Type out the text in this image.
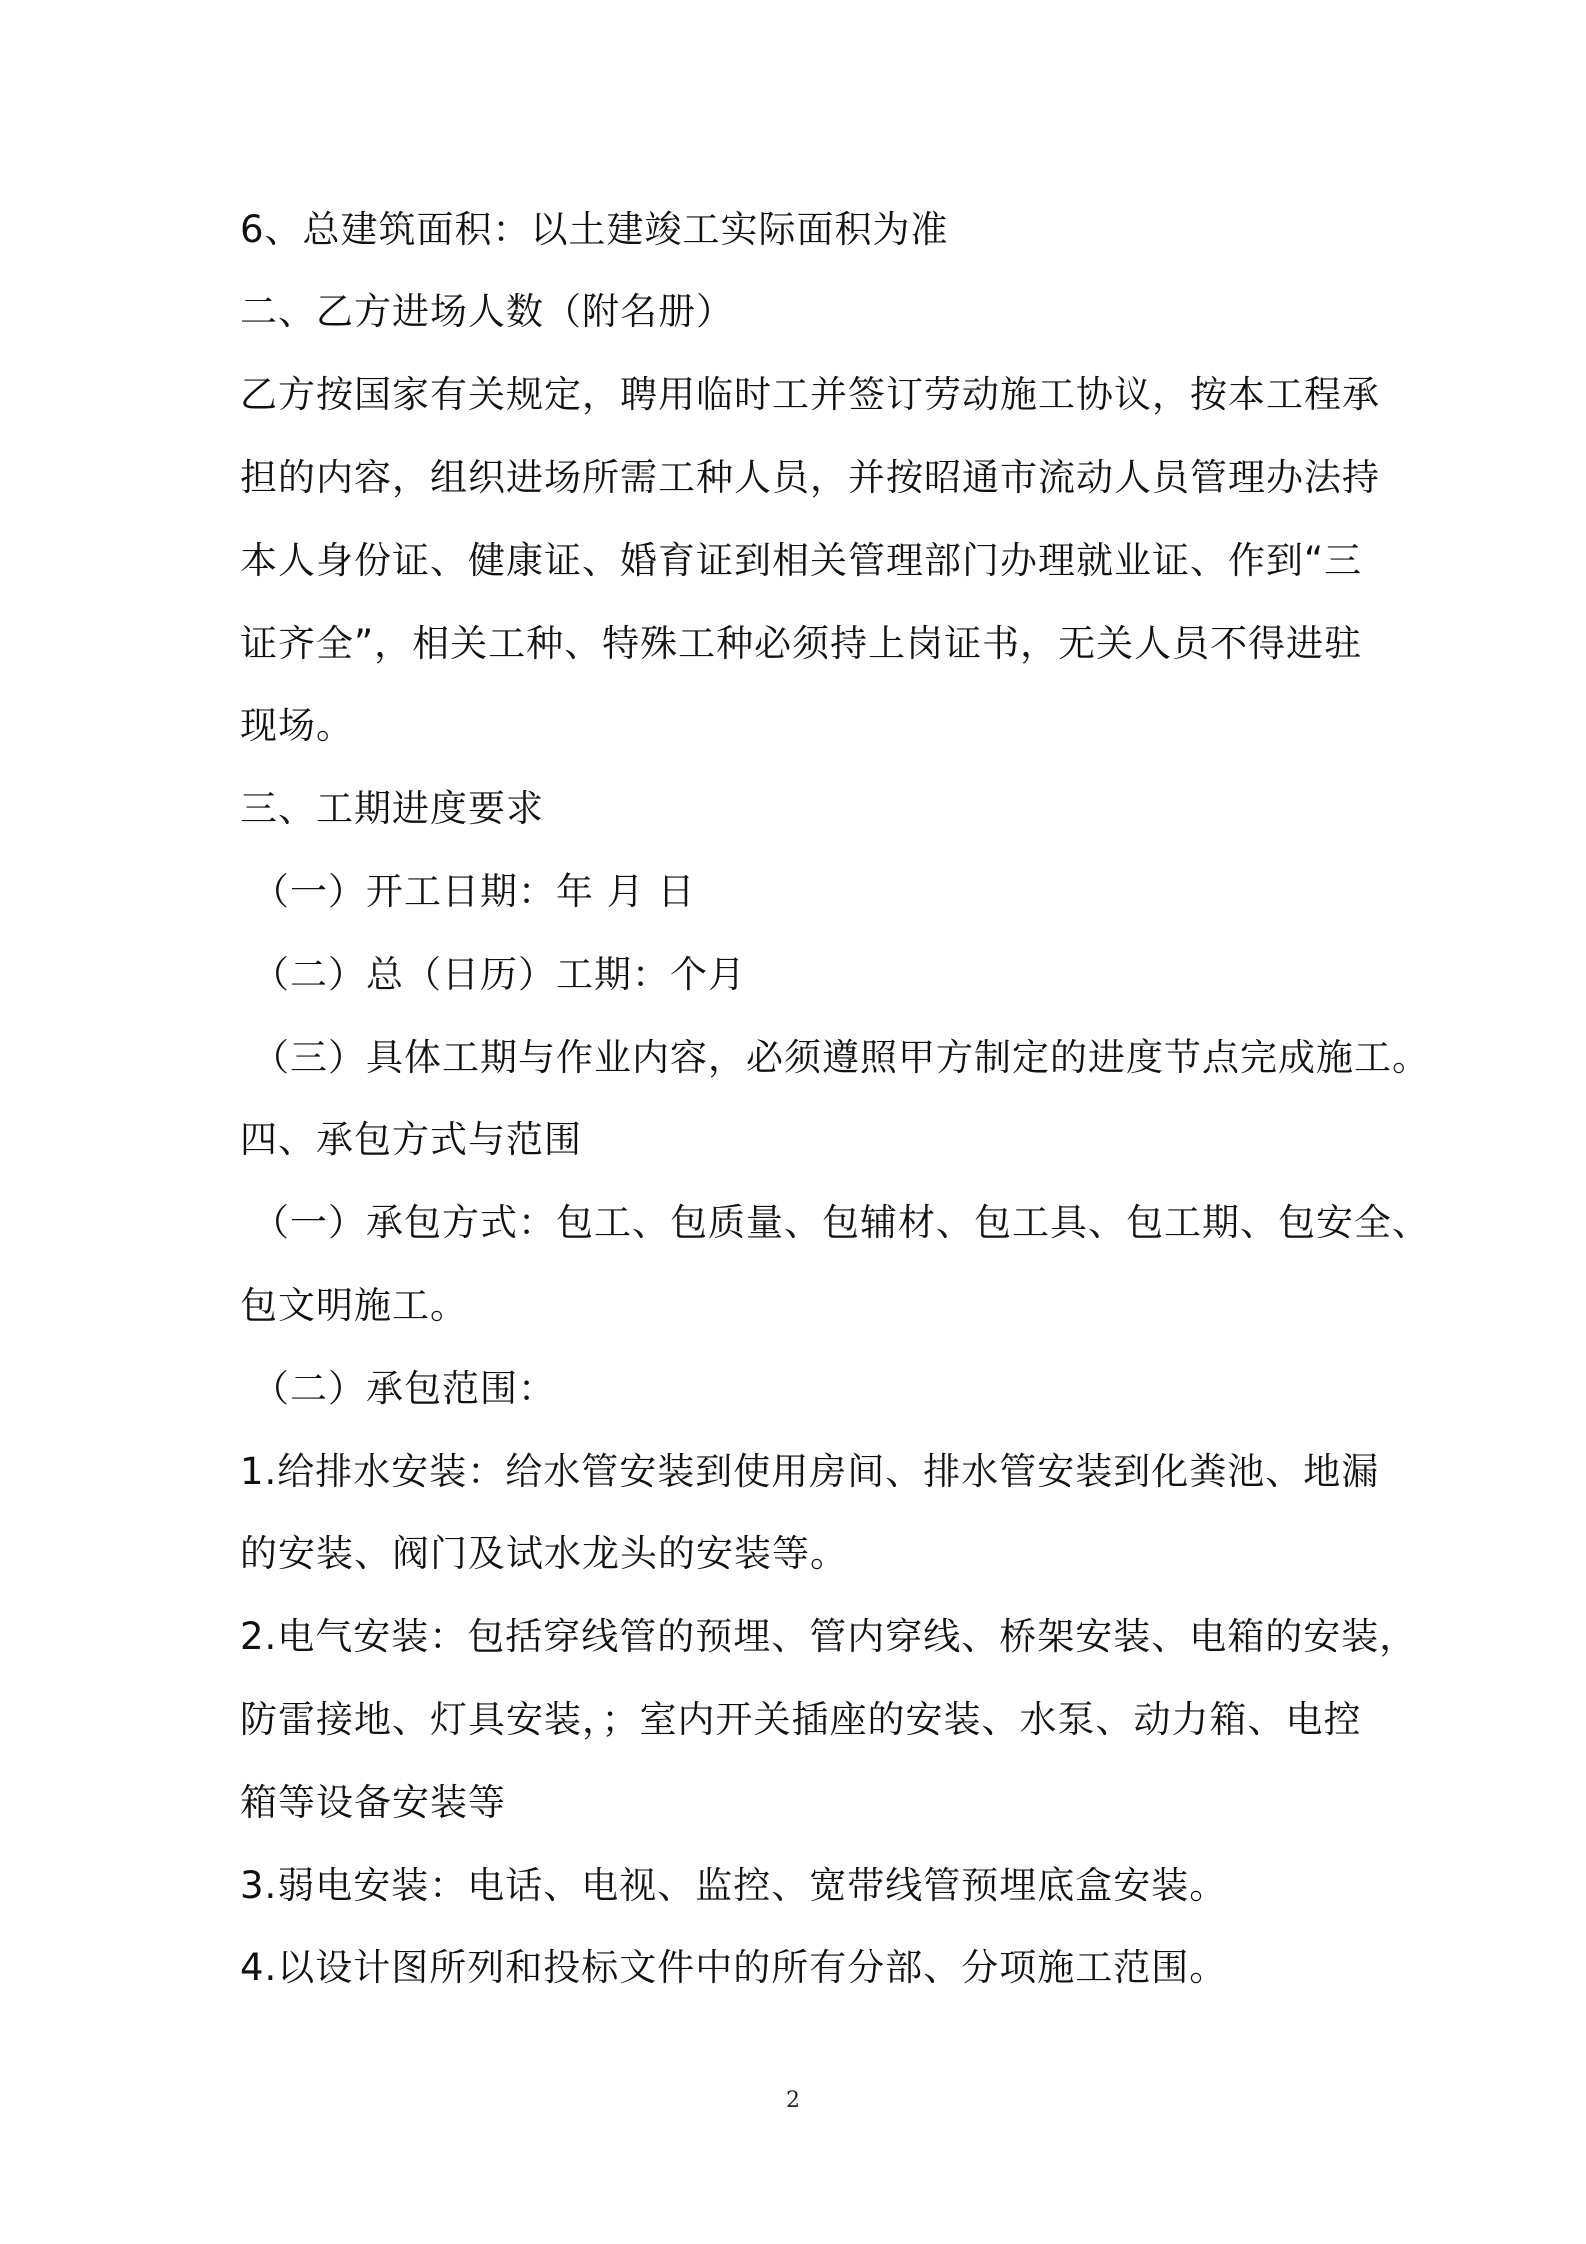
6、总建筑面积：以土建竣工实际面积为准
二、乙方进场人数（附名册）
乙方按国家有关规定，聘用临时工并签订劳动施工协议，按本工程承
担的内容，组织进场所需工种人员，并按昭通市流动人员管理办法持
本人身份证、健康证、婚育证到相关管理部门办理就业证、作到“三
证齐全”，相关工种、特殊工种必须持上岗证书，无关人员不得进驻
现场。
三、工期进度要求
（一）开工日期：年 月 日
（二）总（日历）工期：个月
（三）具体工期与作业内容，必须遵照甲方制定的进度节点完成施工。
四、承包方式与范围
（一）承包方式：包工、包质量、包辅材、包工具、包工期、包安全、
包文明施工。
（二）承包范围：
1.给排水安装：给水管安装到使用房间、排水管安装到化粪池、地漏
的安装、阀门及试水龙头的安装等。
2.电气安装：包括穿线管的预埋、管内穿线、桥架安装、电箱的安装，
防雷接地、灯具安装，；室内开关插座的安装、水泵、动力箱、电控
箱等设备安装等
3.弱电安装：电话、电视、监控、宽带线管预埋底盒安装。
4.以设计图所列和投标文件中的所有分部、分项施工范围。
2
